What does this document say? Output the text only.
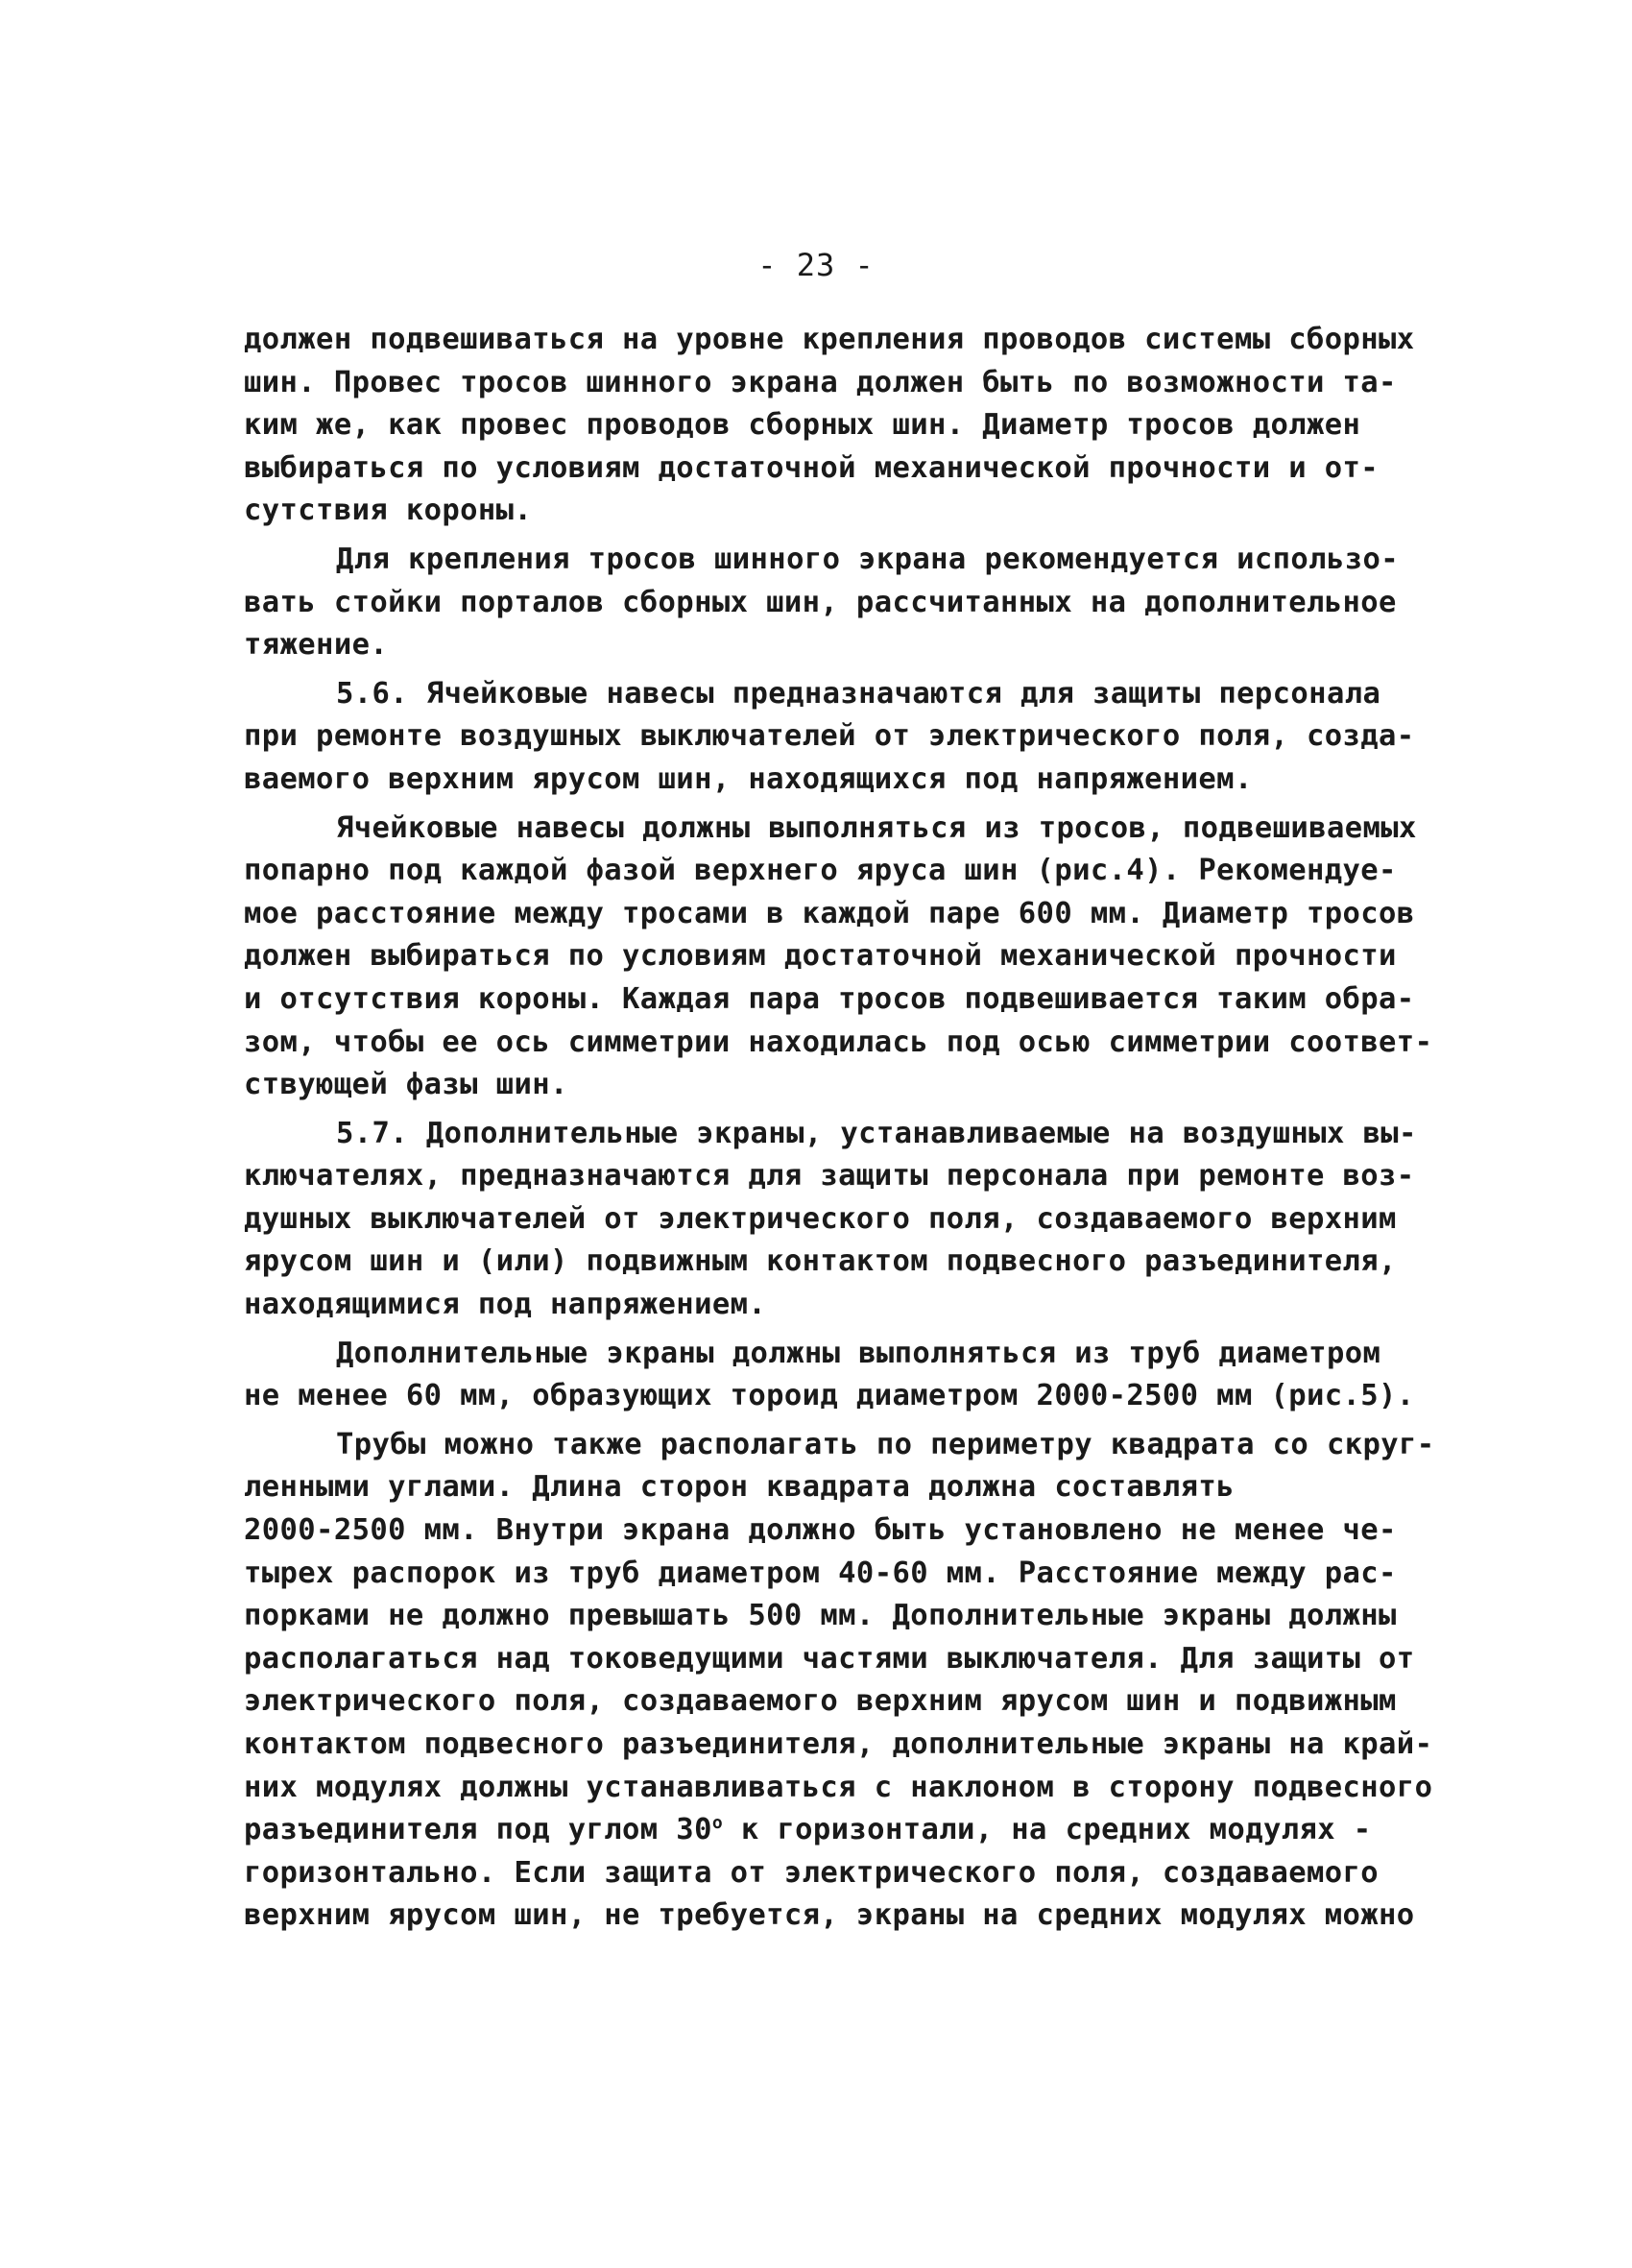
- 23 -
должен подвешиваться на уровне крепления проводов системы сборных
шин. Провес тросов шинного экрана должен быть по возможности та-
ким же, как провес проводов сборных шин. Диаметр тросов должен
выбираться по условиям достаточной механической прочности и от-
сутствия короны.
Для крепления тросов шинного экрана рекомендуется использо-
вать стойки порталов сборных шин, рассчитанных на дополнительное
тяжение.
5.6. Ячейковые навесы предназначаются для защиты персонала
при ремонте воздушных выключателей от электрического поля, созда-
ваемого верхним ярусом шин, находящихся под напряжением.
Ячейковые навесы должны выполняться из тросов, подвешиваемых
попарно под каждой фазой верхнего яруса шин (рис.4). Рекомендуе-
мое расстояние между тросами в каждой паре 600 мм. Диаметр тросов
должен выбираться по условиям достаточной механической прочности
и отсутствия короны. Каждая пара тросов подвешивается таким обра-
зом, чтобы ее ось симметрии находилась под осью симметрии соответ-
ствующей фазы шин.
5.7. Дополнительные экраны, устанавливаемые на воздушных вы-
ключателях, предназначаются для защиты персонала при ремонте воз-
душных выключателей от электрического поля, создаваемого верхним
ярусом шин и (или) подвижным контактом подвесного разъединителя,
находящимися под напряжением.
Дополнительные экраны должны выполняться из труб диаметром
не менее 60 мм, образующих тороид диаметром 2000-2500 мм (рис.5).
Трубы можно также располагать по периметру квадрата со скруг-
ленными углами. Длина сторон квадрата должна составлять
2000-2500 мм. Внутри экрана должно быть установлено не менее че-
тырех распорок из труб диаметром 40-60 мм. Расстояние между рас-
порками не должно превышать 500 мм. Дополнительные экраны должны
располагаться над токоведущими частями выключателя. Для защиты от
электрического поля, создаваемого верхним ярусом шин и подвижным
контактом подвесного разъединителя, дополнительные экраны на край-
них модулях должны устанавливаться с наклоном в сторону подвесного
разъединителя под углом 30$^o$ к горизонтали, на средних модулях -
горизонтально. Если защита от электрического поля, создаваемого
верхним ярусом шин, не требуется, экраны на средних модулях можно
